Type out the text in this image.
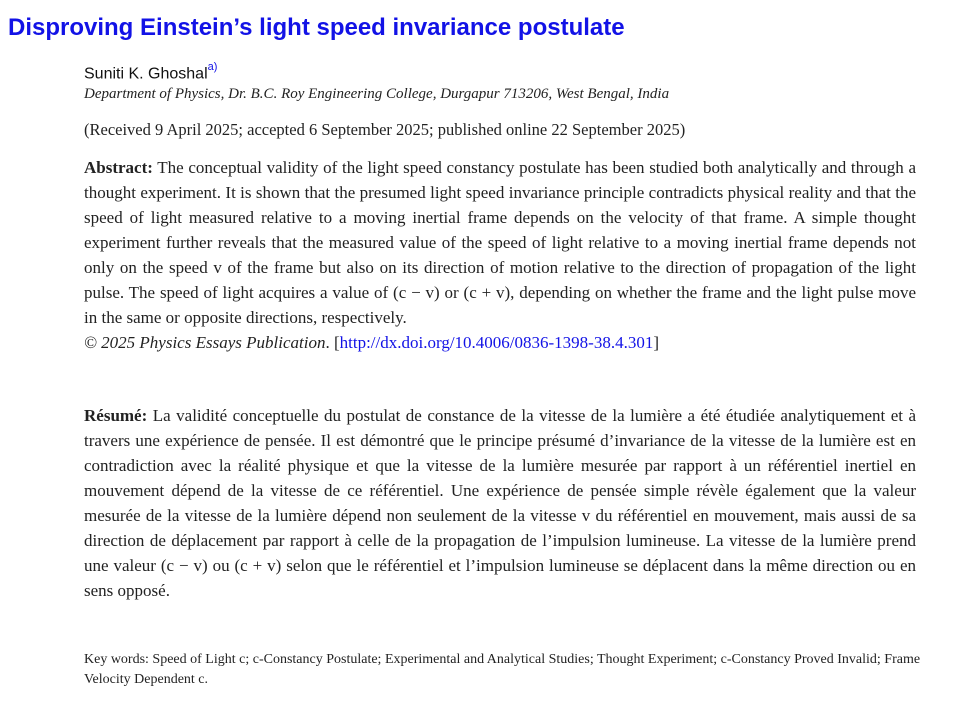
Disproving Einstein’s light speed invariance postulate
Suniti K. Ghoshal$^{a)}$
Department of Physics, Dr. B.C. Roy Engineering College, Durgapur 713206, West Bengal, India
(Received 9 April 2025; accepted 6 September 2025; published online 22 September 2025)

Abstract: The conceptual validity of the light speed constancy postulate has been studied both analytically and through a thought experiment. It is shown that the presumed light speed invariance principle contradicts physical reality and that the speed of light measured relative to a moving inertial frame depends on the velocity of that frame. A simple thought experiment further reveals that the measured value of the speed of light relative to a moving inertial frame depends not only on the speed v of the frame but also on its direction of motion relative to the direction of propagation of the light pulse. The speed of light acquires a value of (c − v) or (c + v), depending on whether the frame and the light pulse move in the same or opposite directions, respectively.
© 2025 Physics Essays Publication. [http://dx.doi.org/10.4006/0836-1398-38.4.301]

Résumé: La validité conceptuelle du postulat de constance de la vitesse de la lumière a été étudiée analytiquement et à travers une expérience de pensée. Il est démontré que le principe présumé d’invariance de la vitesse de la lumière est en contradiction avec la réalité physique et que la vitesse de la lumière mesurée par rapport à un référentiel inertiel en mouvement dépend de la vitesse de ce référentiel. Une expérience de pensée simple révèle également que la valeur mesurée de la vitesse de la lumière dépend non seulement de la vitesse v du référentiel en mouvement, mais aussi de sa direction de déplacement par rapport à celle de la propagation de l’impulsion lumineuse. La vitesse de la lumière prend une valeur (c − v) ou (c + v) selon que le référentiel et l’impulsion lumineuse se déplacent dans la même direction ou en sens opposé.

Key words: Speed of Light c; c-Constancy Postulate; Experimental and Analytical Studies; Thought Experiment; c-Constancy Proved Invalid; Frame Velocity Dependent c.
